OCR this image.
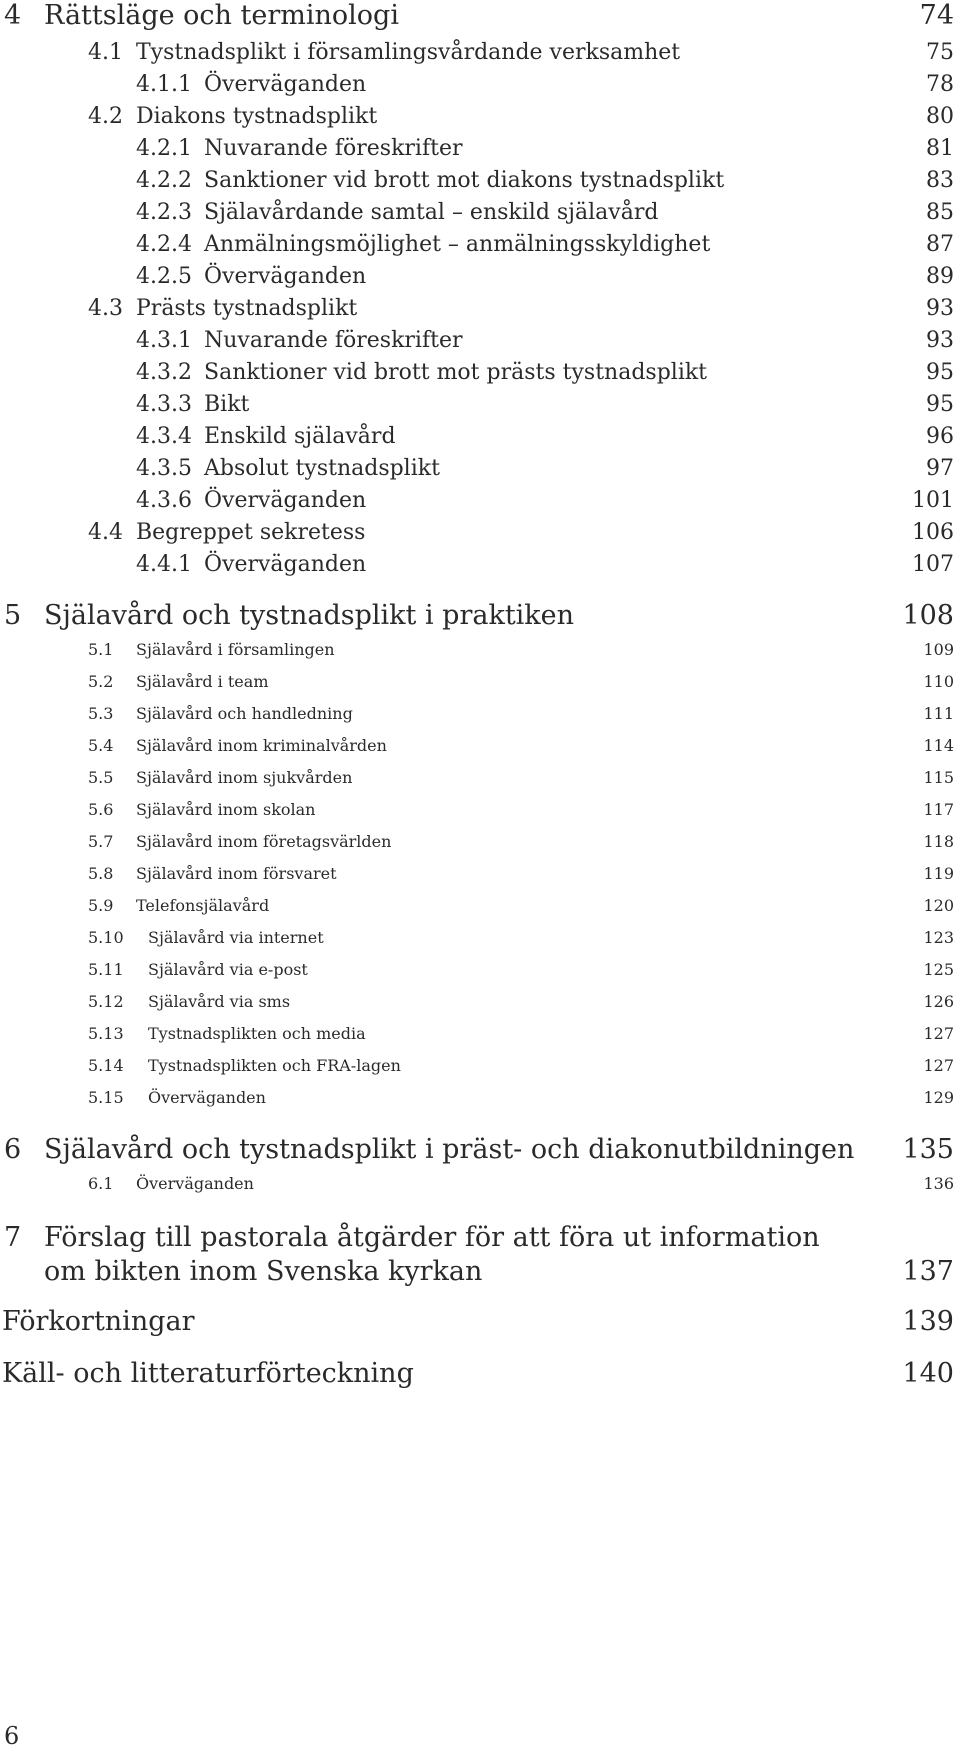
4 Rättsläge och terminologi	74
4.1 Tystnadsplikt i församlingsvårdande verksamhet	75
4.1.1 Överväganden	78
4.2 Diakons tystnadsplikt	80
4.2.1 Nuvarande föreskrifter	81
4.2.2 Sanktioner vid brott mot diakons tystnadsplikt	83
4.2.3 Själavårdande samtal – enskild själavård	85
4.2.4 Anmälningsmöjlighet – anmälningsskyldighet	87
4.2.5 Överväganden	89
4.3 Prästs tystnadsplikt	93
4.3.1 Nuvarande föreskrifter	93
4.3.2 Sanktioner vid brott mot prästs tystnadsplikt	95
4.3.3 Bikt	95
4.3.4 Enskild själavård	96
4.3.5 Absolut tystnadsplikt	97
4.3.6 Överväganden	101
4.4 Begreppet sekretess	106
4.4.1 Överväganden	107
5 Själavård och tystnadsplikt i praktiken	108
5.1 Själavård i församlingen	109
5.2 Själavård i team	110
5.3 Själavård och handledning	111
5.4 Själavård inom kriminalvården	114
5.5 Själavård inom sjukvården	115
5.6 Själavård inom skolan	117
5.7 Själavård inom företagsvärlden	118
5.8 Själavård inom försvaret	119
5.9 Telefonsjälavård	120
5.10 Själavård via internet	123
5.11 Själavård via e-post	125
5.12 Själavård via sms	126
5.13 Tystnadsplikten och media	127
5.14 Tystnadsplikten och FRA-lagen	127
5.15 Överväganden	129
6 Själavård och tystnadsplikt i präst- och diakonutbildningen 135
6.1 Överväganden	136
7 Förslag till pastorala åtgärder för att föra ut information
om bikten inom Svenska kyrkan	137
Förkortningar	139
Käll- och litteraturförteckning	140
6
